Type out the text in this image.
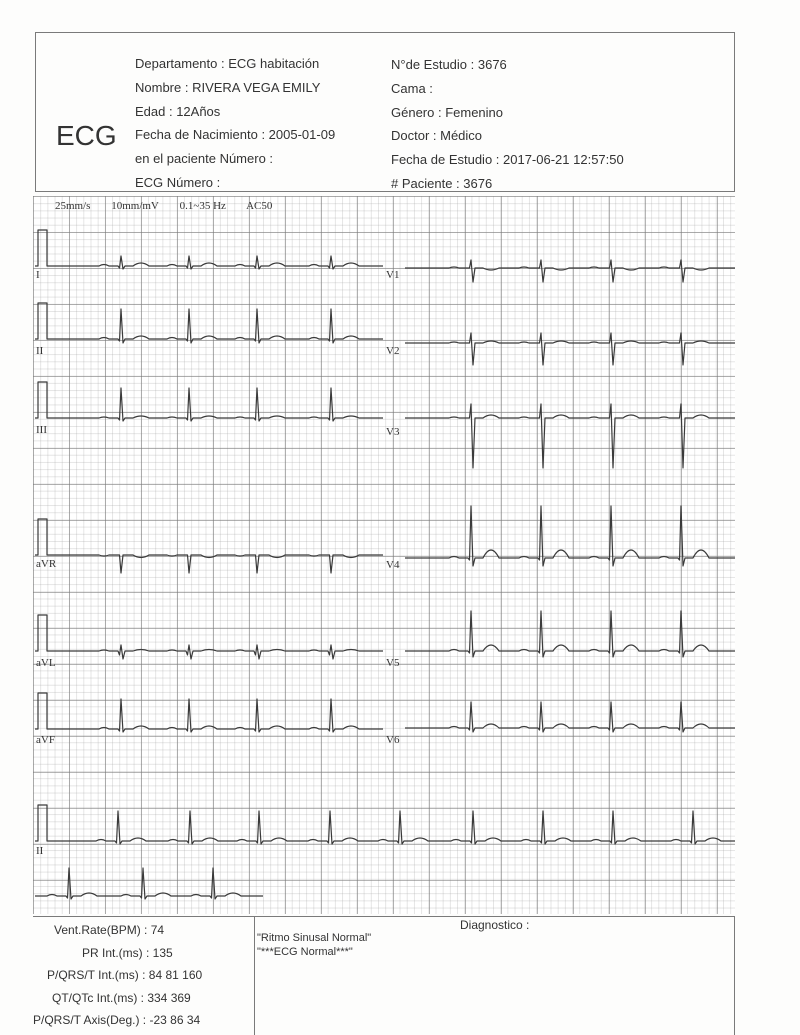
ECG
Departamento : ECG habitación
Nombre : RIVERA VEGA EMILY
Edad : 12Años
Fecha de Nacimiento : 2005-01-09
en el paciente Número :
ECG Número :
N°de Estudio : 3676
Cama :
Género : Femenino
Doctor : Médico
Fecha de Estudio : 2017-06-21 12:57:50
# Paciente : 3676
25mm/s 10mm/mV 0.1~35 Hz AC50
I
II
III
aVR
aVL
aVF
V1
V2
V3
V4
V5
V6
II
Vent.Rate(BPM) : 74
PR Int.(ms) : 135
P/QRS/T Int.(ms) : 84 81 160
QT/QTc Int.(ms) : 334 369
P/QRS/T Axis(Deg.) : -23 86 34
Diagnostico :
"Ritmo Sinusal Normal"
"***ECG Normal***"
